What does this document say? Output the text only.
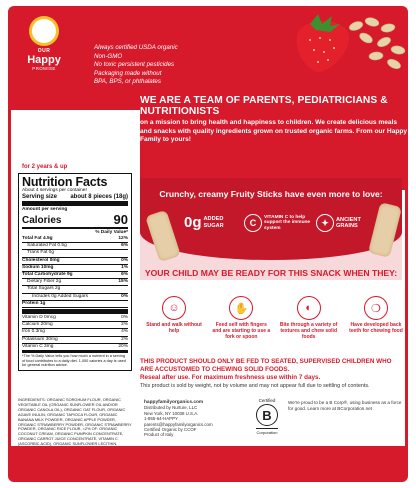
OUR
Happy
PROMISE
Always certified USDA organic
Non-GMO
No toxic persistent pesticides
Packaging made without
BPA, BPS, or phthalates
WE ARE A TEAM OF PARENTS, PEDIATRICIANS & NUTRITIONISTS

on a mission to bring health and happiness to children. We create delicious meals and snacks with quality ingredients grown on trusted organic farms. From our Happy Family to yours!

for 2 years & up
Nutrition Facts
About 4 servings per container
Serving size about 8 pieces (18g)
Amount per serving
Calories	90
% Daily Value*
Total Fat 4.5g	12%
Saturated Fat 0.5g	6%
Trans Fat 0g
Cholesterol 0mg	0%
Sodium 10mg	1%
Total Carbohydrate 9g	6%
Dietary Fiber 2g	15%
Total Sugars 2g
Includes 0g Added Sugars	0%
Protein 1g
Vitamin D 0mcg	0%
Calcium 20mg	2%
Iron 0.3mg	4%
Potassium 30mg	2%
Vitamin C 3mg	20%
*The % Daily Value tells you how much a nutrient in a serving of food contributes to a daily diet. 1,000 calories a day is used for general nutrition advice.
INGREDIENTS: ORGANIC SORGHUM FLOUR, ORGANIC VEGETABLE OIL (ORGANIC SUNFLOWER OIL AND/OR ORGANIC CANOLA OIL), ORGANIC OAT FLOUR, ORGANIC AGAVE INULIN, ORGANIC TAPIOCA FLOUR, ORGANIC BANANA MILK POWDER, ORGANIC APPLE POWDER, ORGANIC STRAWBERRY POWDER, ORGANIC STRAWBERRY POWDER, ORGANIC RICE FLOUR, <2% OF: ORGANIC COCONUT CREAM, ORGANIC PUMPKIN CONCENTRATE, ORGANIC CARROT JUICE CONCENTRATE, VITAMIN C (ASCORBIC ACID), ORGANIC SUNFLOWER LECITHIN,
Crunchy, creamy Fruity Sticks have even more to love:
0g ADDED SUGAR	C
VITAMIN C to help support the immune system
✦	ANCIENT GRAINS
YOUR CHILD MAY BE READY FOR THIS SNACK WHEN THEY:
☺
Stand and walk without help
✋
Feed self with fingers and are starting to use a fork or spoon
◐
Bite through a variety of textures and chew solid foods
❍
Have developed back teeth for chewing food
THIS PRODUCT SHOULD ONLY BE FED TO SEATED, SUPERVISED CHILDREN WHO ARE ACCUSTOMED TO CHEWING SOLID FOODS.
Reseal after use. For maximum freshness use within 7 days.
This product is sold by weight, not by volume and may not appear full due to settling of contents.
happyfamilyorganics.com
Distributed by Nurture, LLC
New York, NY 10038 U.S.A.
1-855-64-HAPPY
parents@happyfamilyorganics.com
Certified Organic by CCOF
Product of Italy
Certified
B
Corporation
We're proud to be a B Corp®, using business as a force for good. Learn more at BCorporation.net
